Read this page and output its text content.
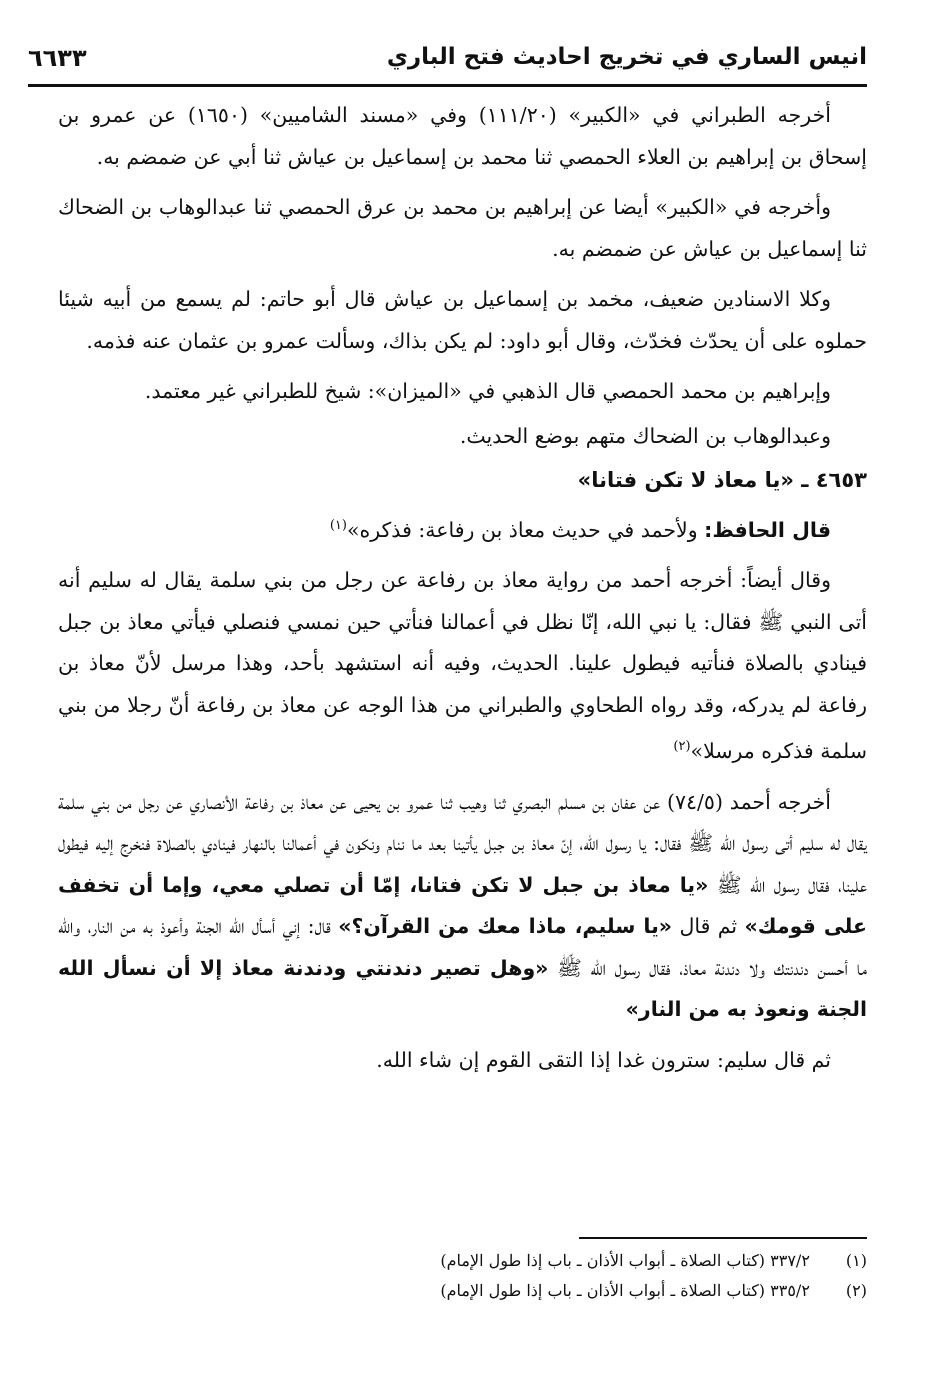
انيس الساري في تخريج احاديث فتح الباري
٦٦٣٣

أخرجه الطبراني في «الكبير» (١١١/٢٠) وفي «مسند الشاميين» (١٦٥٠) عن عمرو بن إسحاق بن إبراهيم بن العلاء الحمصي ثنا محمد بن إسماعيل بن عياش ثنا أبي عن ضمضم به.

وأخرجه في «الكبير» أيضا عن إبراهيم بن محمد بن عرق الحمصي ثنا عبدالوهاب بن الضحاك ثنا إسماعيل بن عياش عن ضمضم به.

وكلا الاسنادين ضعيف، مخمد بن إسماعيل بن عياش قال أبو حاتم: لم يسمع من أبيه شيئا حملوه على أن يحدّث فخدّث، وقال أبو داود: لم يكن بذاك، وسألت عمرو بن عثمان عنه فذمه.

وإبراهيم بن محمد الحمصي قال الذهبي في «الميزان»: شيخ للطبراني غير معتمد.

وعبدالوهاب بن الضحاك متهم بوضع الحديث.

٤٦٥٣ ـ «يا معاذ لا تكن فتانا»

قال الحافظ: ولأحمد في حديث معاذ بن رفاعة: فذكره»$^{(١)}$

وقال أيضاً: أخرجه أحمد من رواية معاذ بن رفاعة عن رجل من بني سلمة يقال له سليم أنه أتى النبي ﷺ فقال: يا نبي الله، إنّا نظل في أعمالنا فنأتي حين نمسي فنصلي فيأتي معاذ بن جبل فينادي بالصلاة فنأتيه فيطول علينا. الحديث، وفيه أنه استشهد بأحد، وهذا مرسل لأنّ معاذ بن رفاعة لم يدركه، وقد رواه الطحاوي والطبراني من هذا الوجه عن معاذ بن رفاعة أنّ رجلا من بني سلمة فذكره مرسلا»$^{(٢)}$

أخرجه أحمد (٧٤/٥) عن عفان بن مسلم البصري ثنا وهيب ثنا عمرو بن يحيى عن معاذ بن رفاعة الأنصاري عن رجل من بني سلمة يقال له سليم أتى رسول الله ﷺ فقال: يا رسول الله، إنّ معاذ بن جبل يأتينا بعد ما ننام ونكون في أعمالنا بالنهار فينادي بالصلاة فنخرج إليه فيطول علينا، فقال رسول الله ﷺ «يا معاذ بن جبل لا تكن فتانا، إمّا أن تصلي معي، وإما أن تخفف على قومك» ثم قال «يا سليم، ماذا معك من القرآن؟» قال: إني أسأل الله الجنة وأعوذ به من النار، والله ما أحسن دندنتك ولا دندنة معاذ، فقال رسول الله ﷺ «وهل تصير دندنتي ودندنة معاذ إلا أن نسأل الله الجنة ونعوذ به من النار»

ثم قال سليم: سترون غدا إذا التقى القوم إن شاء الله.

(١) ٣٣٧/٢ (كتاب الصلاة ـ أبواب الأذان ـ باب إذا طول الإمام)
(٢) ٣٣٥/٢ (كتاب الصلاة ـ أبواب الأذان ـ باب إذا طول الإمام)
